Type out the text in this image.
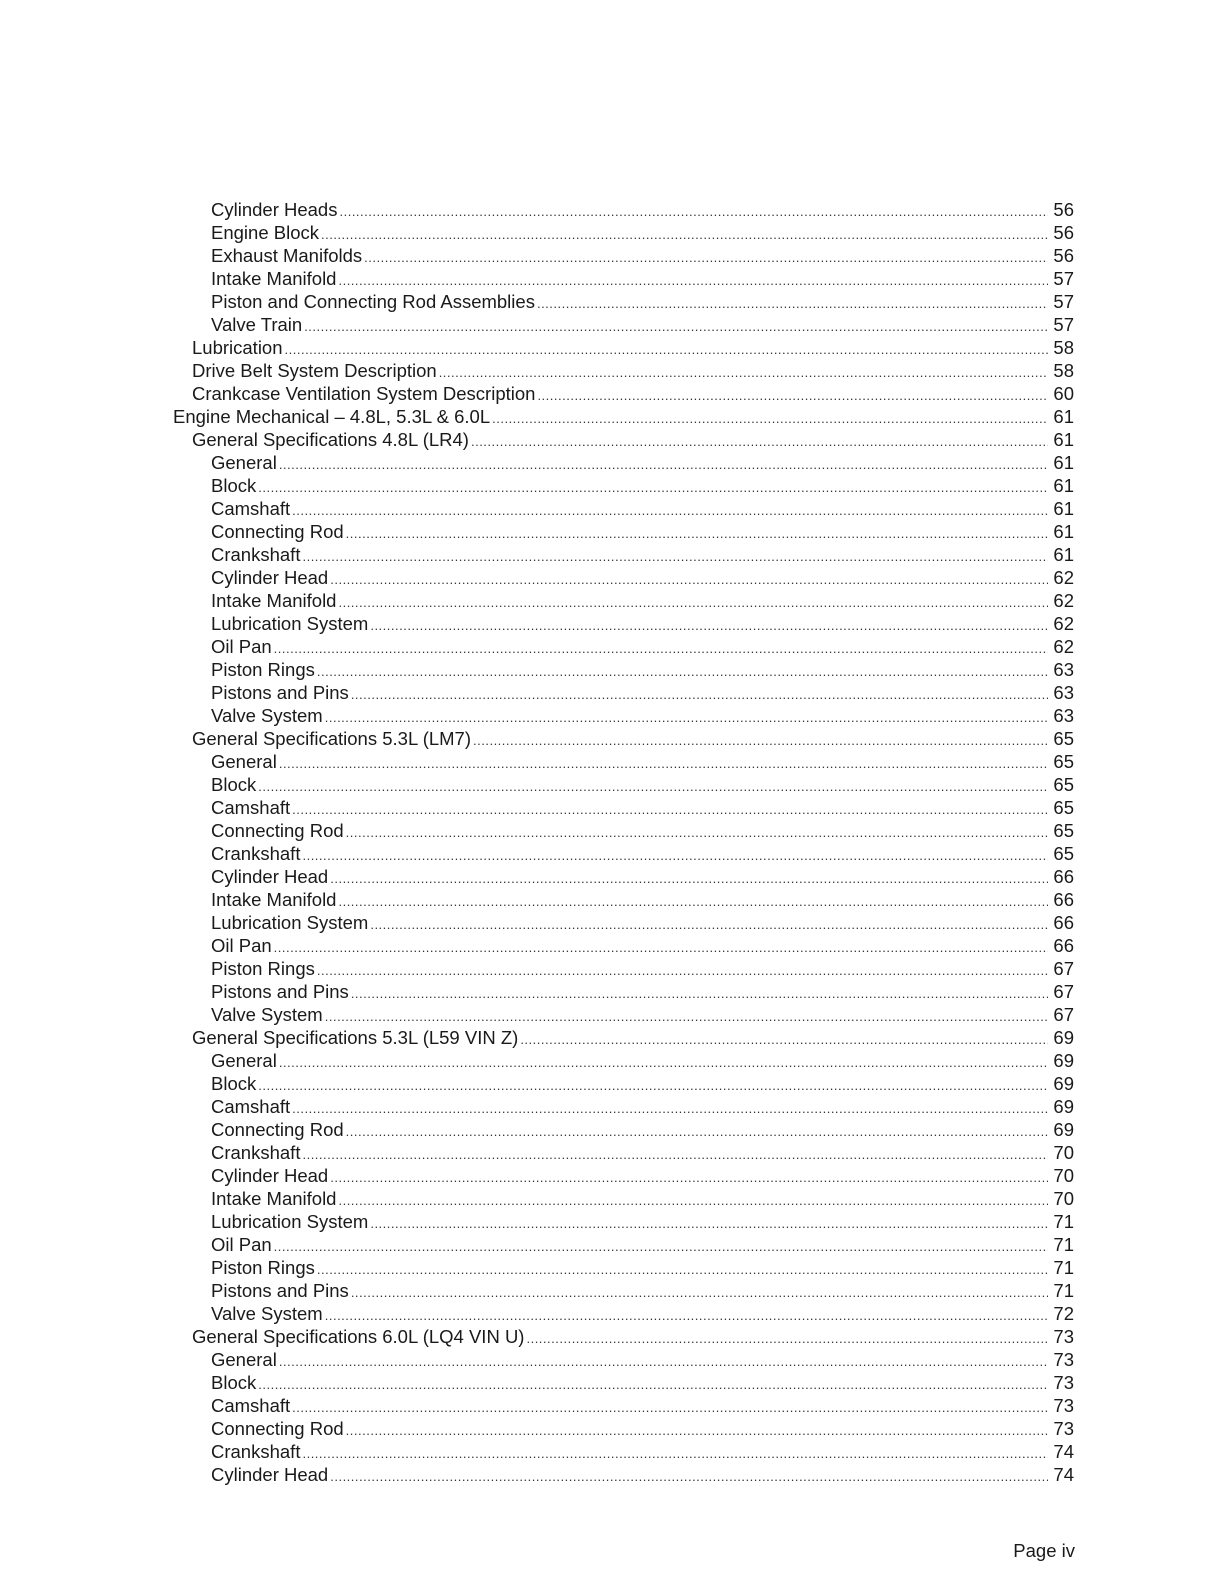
Cylinder Heads .....	56
Engine Block .....	56
Exhaust Manifolds .....	56
Intake Manifold .....	57
Piston and Connecting Rod Assemblies .....	57
Valve Train .....	57
Lubrication .....	58
Drive Belt System Description .....	58
Crankcase Ventilation System Description .....	60
Engine Mechanical – 4.8L, 5.3L & 6.0L .....	61
General Specifications 4.8L (LR4) .....	61
General .....	61
Block .....	61
Camshaft .....	61
Connecting Rod .....	61
Crankshaft .....	61
Cylinder Head .....	62
Intake Manifold .....	62
Lubrication System .....	62
Oil Pan .....	62
Piston Rings .....	63
Pistons and Pins .....	63
Valve System .....	63
General Specifications 5.3L (LM7) .....	65
General .....	65
Block .....	65
Camshaft .....	65
Connecting Rod .....	65
Crankshaft .....	65
Cylinder Head .....	66
Intake Manifold .....	66
Lubrication System .....	66
Oil Pan .....	66
Piston Rings .....	67
Pistons and Pins .....	67
Valve System .....	67
General Specifications 5.3L (L59 VIN Z) .....	69
General .....	69
Block .....	69
Camshaft .....	69
Connecting Rod .....	69
Crankshaft .....	70
Cylinder Head .....	70
Intake Manifold .....	70
Lubrication System .....	71
Oil Pan .....	71
Piston Rings .....	71
Pistons and Pins .....	71
Valve System .....	72
General Specifications 6.0L (LQ4 VIN U) .....	73
General .....	73
Block .....	73
Camshaft .....	73
Connecting Rod .....	73
Crankshaft .....	74
Cylinder Head .....	74
Page iv
